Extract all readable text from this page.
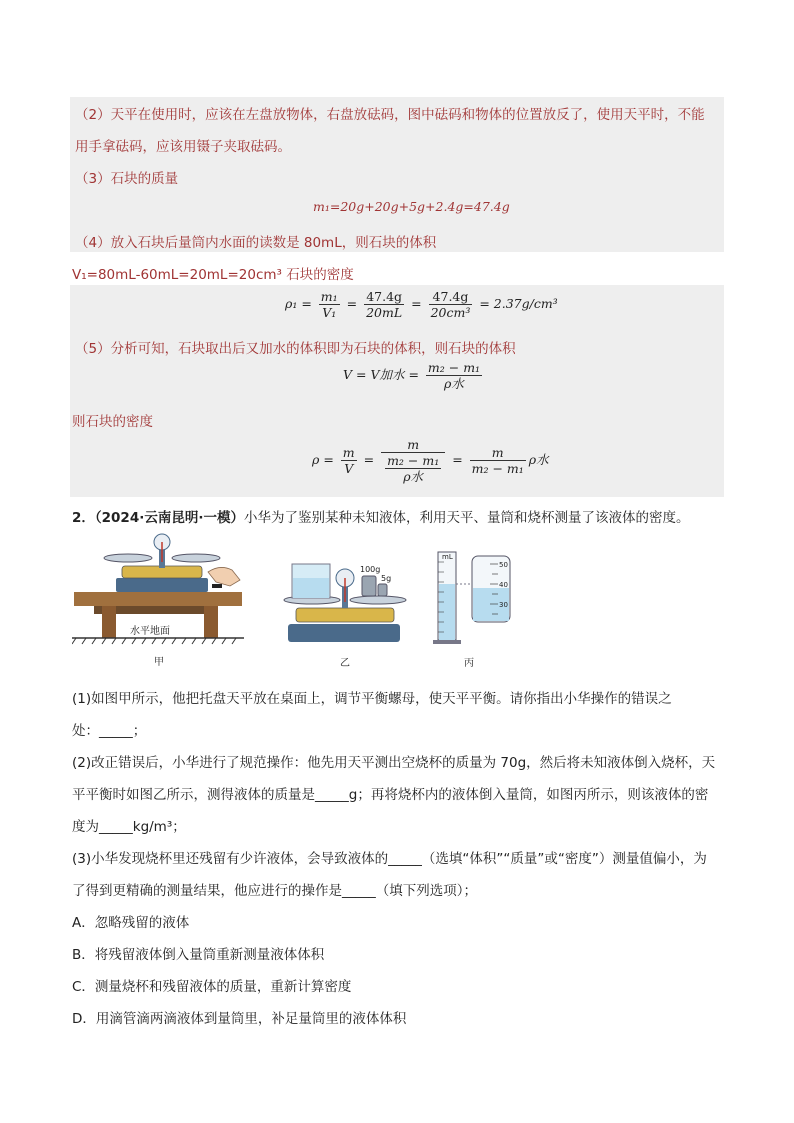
（2）天平在使用时，应该在左盘放物体，右盘放砝码，图中砝码和物体的位置放反了，使用天平时，不能
用手拿砝码，应该用镊子夹取砝码。
（3）石块的质量
m₁=20g+20g+5g+2.4g=47.4g
（4）放入石块后量筒内水面的读数是 80mL，则石块的体积
V₁=80mL-60mL=20mL=20cm³ 石块的密度
$\rho_1 = \frac{\text{m₁}}{\text{V₁}} = \frac{47.4g}{20mL} = \frac{47.4g}{\text{20cm³}} = 2.37g/cm^3$
（5）分析可知，石块取出后又加水的体积即为石块的体积，则石块的体积
V = V加水 = $\frac{\text{m₂ − m₁}}{\text{ρ水}}$
则石块的密度
$\rho = \frac{m}{V} = m$
m₂ − m₁
ρ水 = $\frac{m}{\text{m₂ − m₁}}$ ρ水
2．（2024·云南昆明·一模）小华为了鉴别某种未知液体，利用天平、量筒和烧杯测量了该液体的密度。
水平地面
甲
100g
5g
乙
mL
50
40
30
丙
(1)如图甲所示，他把托盘天平放在桌面上，调节平衡螺母，使天平平衡。请你指出小华操作的错误之
处：_____；
(2)改正错误后，小华进行了规范操作：他先用天平测出空烧杯的质量为 70g，然后将未知液体倒入烧杯，天
平平衡时如图乙所示，测得液体的质量是_____g；再将烧杯内的液体倒入量筒，如图丙所示，则该液体的密
度为_____kg/m³；
(3)小华发现烧杯里还残留有少许液体，会导致液体的_____（选填“体积”“质量”或“密度”）测量值偏小，为
了得到更精确的测量结果，他应进行的操作是_____（填下列选项）；
A．忽略残留的液体
B．将残留液体倒入量筒重新测量液体体积
C．测量烧杯和残留液体的质量，重新计算密度
D．用滴管滴两滴液体到量筒里，补足量筒里的液体体积
